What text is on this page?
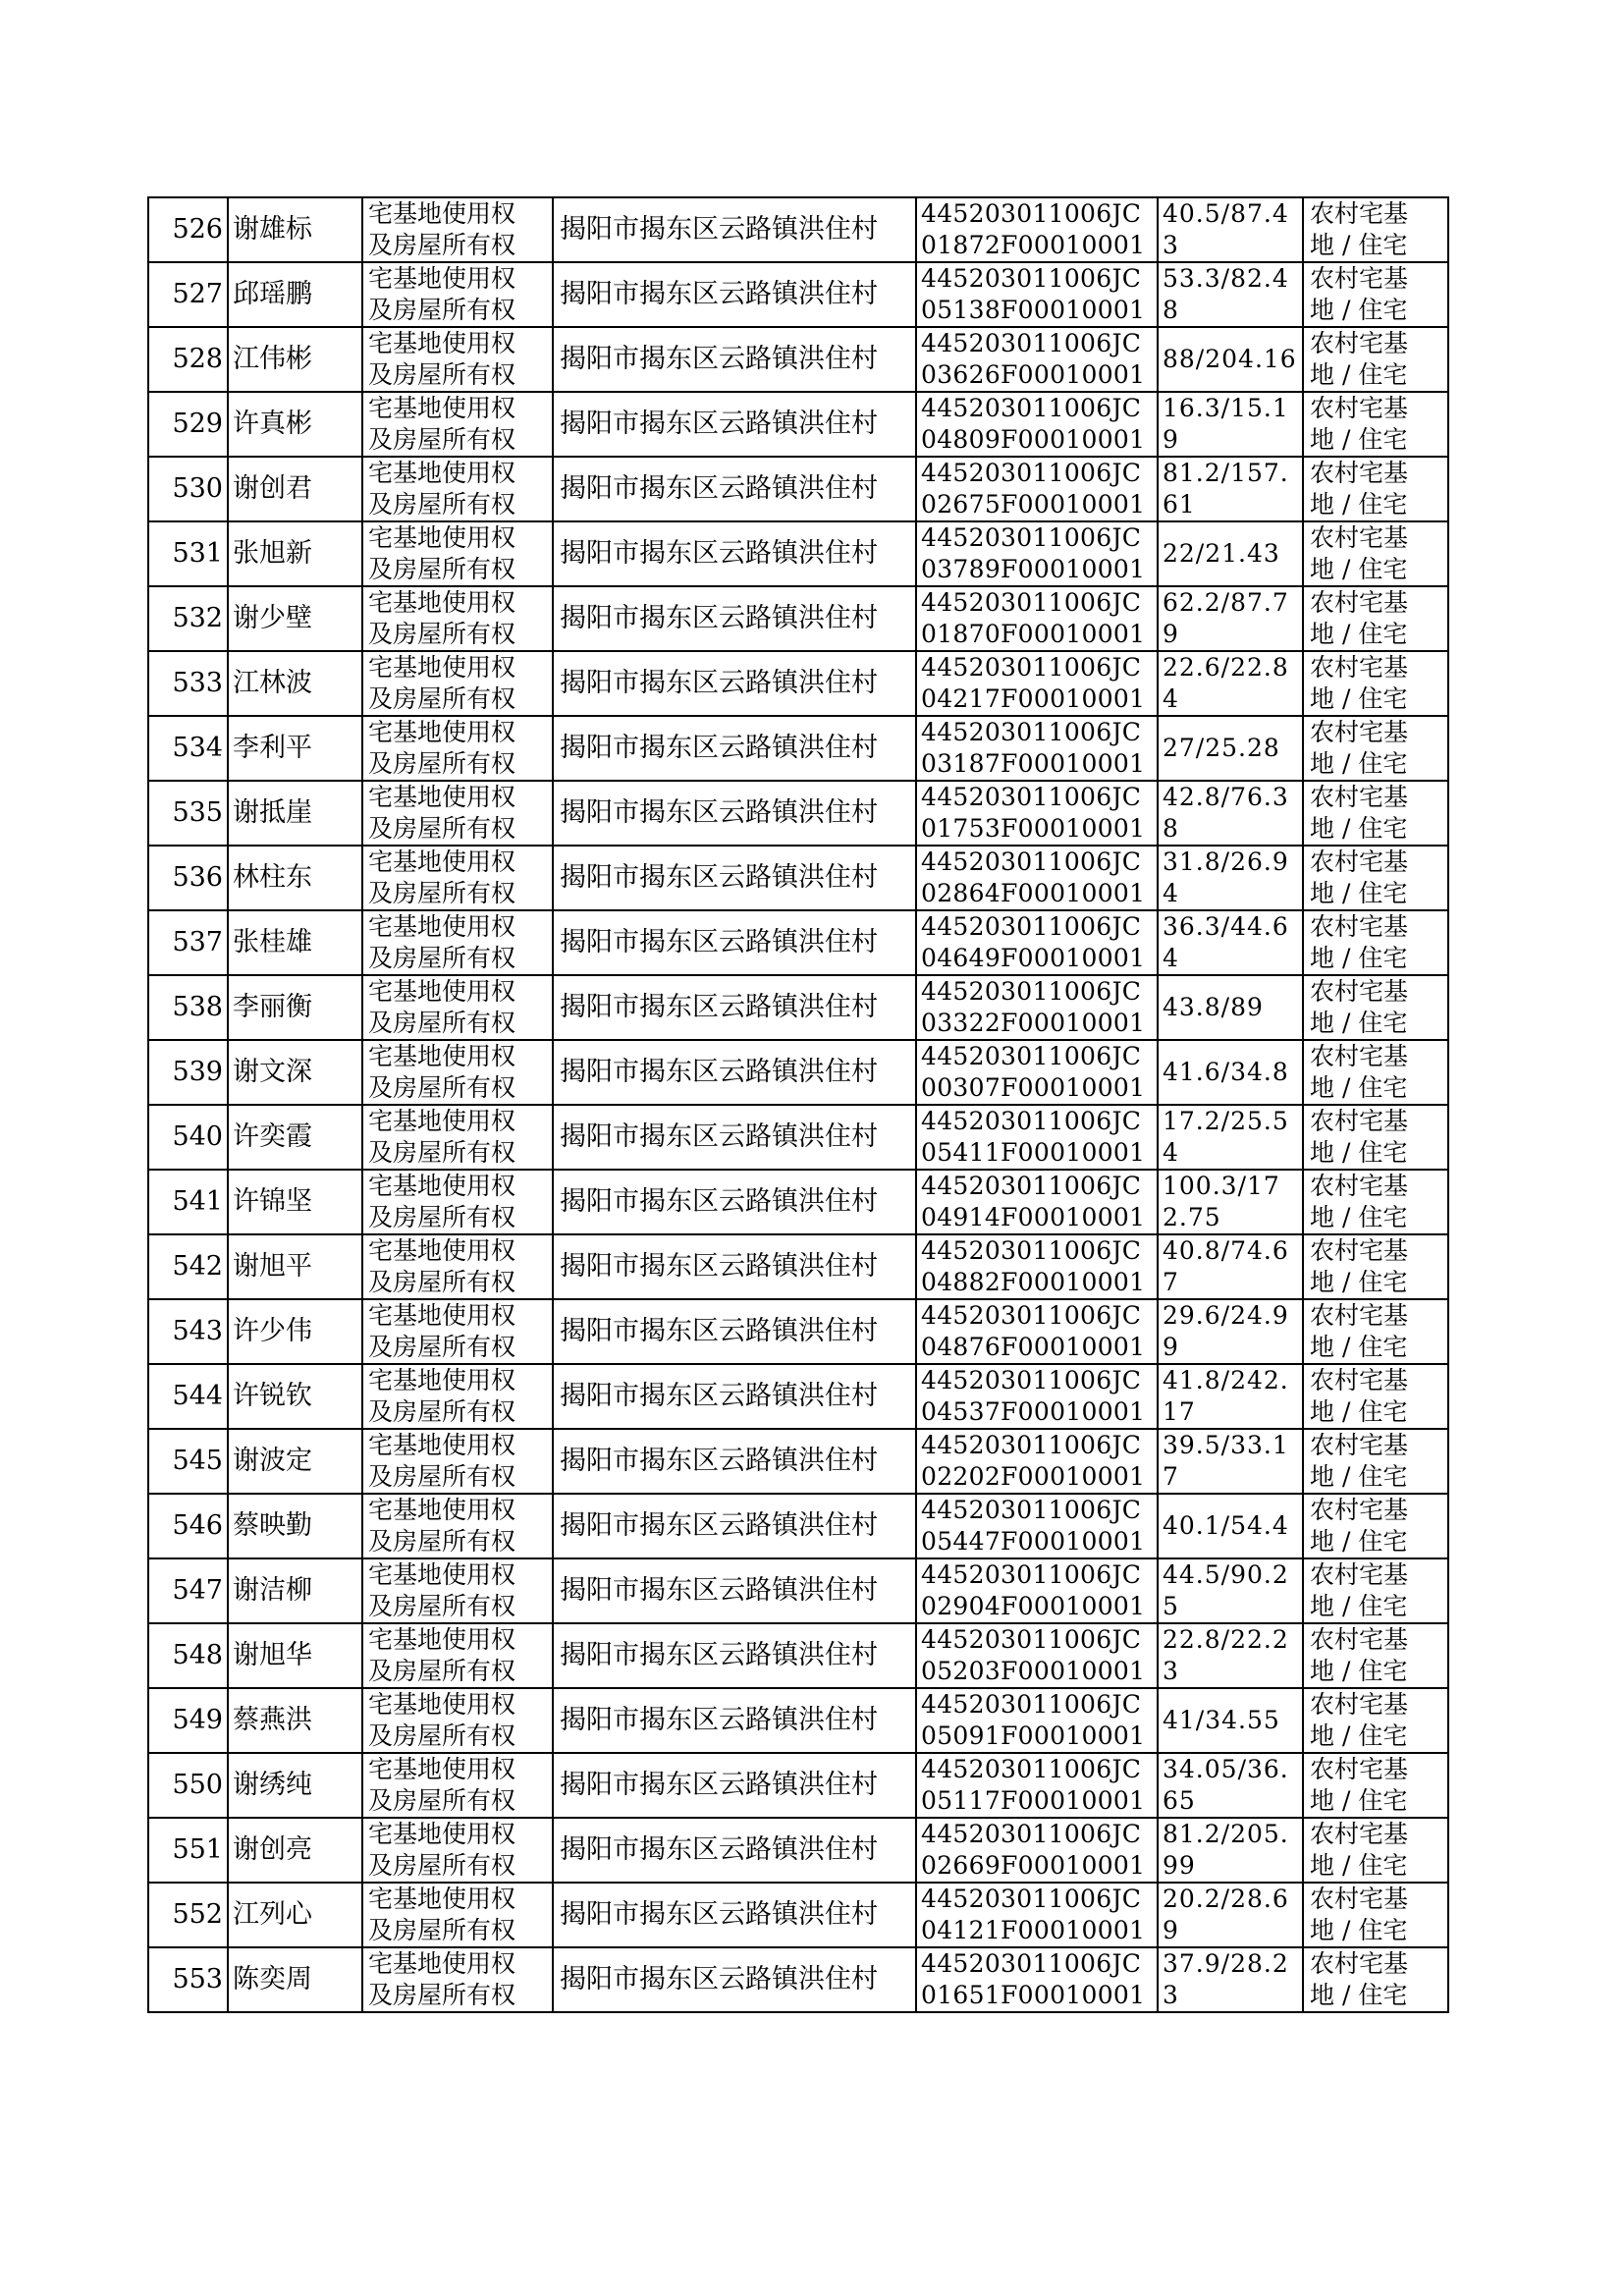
526	谢雄标	宅基地使用权
及房屋所有权	揭阳市揭东区云路镇洪住村	445203011006JC01872F00010001	40.5/87.43	农村宅基
地 / 住宅

527	邱瑶鹏	宅基地使用权
及房屋所有权	揭阳市揭东区云路镇洪住村	445203011006JC05138F00010001	53.3/82.48	农村宅基
地 / 住宅

528	江伟彬	宅基地使用权
及房屋所有权	揭阳市揭东区云路镇洪住村	445203011006JC03626F00010001	88/204.16	农村宅基
地 / 住宅

529	许真彬	宅基地使用权
及房屋所有权	揭阳市揭东区云路镇洪住村	445203011006JC04809F00010001	16.3/15.19	农村宅基
地 / 住宅

530	谢创君	宅基地使用权
及房屋所有权	揭阳市揭东区云路镇洪住村	445203011006JC02675F00010001	81.2/157.61	农村宅基
地 / 住宅

531	张旭新	宅基地使用权
及房屋所有权	揭阳市揭东区云路镇洪住村	445203011006JC03789F00010001	22/21.43	农村宅基
地 / 住宅

532	谢少壁	宅基地使用权
及房屋所有权	揭阳市揭东区云路镇洪住村	445203011006JC01870F00010001	62.2/87.79	农村宅基
地 / 住宅

533	江林波	宅基地使用权
及房屋所有权	揭阳市揭东区云路镇洪住村	445203011006JC04217F00010001	22.6/22.84	农村宅基
地 / 住宅

534	李利平	宅基地使用权
及房屋所有权	揭阳市揭东区云路镇洪住村	445203011006JC03187F00010001	27/25.28	农村宅基
地 / 住宅

535	谢抵崖	宅基地使用权
及房屋所有权	揭阳市揭东区云路镇洪住村	445203011006JC01753F00010001	42.8/76.38	农村宅基
地 / 住宅

536	林柱东	宅基地使用权
及房屋所有权	揭阳市揭东区云路镇洪住村	445203011006JC02864F00010001	31.8/26.94	农村宅基
地 / 住宅

537	张桂雄	宅基地使用权
及房屋所有权	揭阳市揭东区云路镇洪住村	445203011006JC04649F00010001	36.3/44.64	农村宅基
地 / 住宅

538	李丽衡	宅基地使用权
及房屋所有权	揭阳市揭东区云路镇洪住村	445203011006JC03322F00010001	43.8/89	农村宅基
地 / 住宅

539	谢文深	宅基地使用权
及房屋所有权	揭阳市揭东区云路镇洪住村	445203011006JC00307F00010001	41.6/34.8	农村宅基
地 / 住宅

540	许奕霞	宅基地使用权
及房屋所有权	揭阳市揭东区云路镇洪住村	445203011006JC05411F00010001	17.2/25.54	农村宅基
地 / 住宅

541	许锦坚	宅基地使用权
及房屋所有权	揭阳市揭东区云路镇洪住村	445203011006JC04914F00010001	100.3/172.75	农村宅基
地 / 住宅

542	谢旭平	宅基地使用权
及房屋所有权	揭阳市揭东区云路镇洪住村	445203011006JC04882F00010001	40.8/74.67	农村宅基
地 / 住宅

543	许少伟	宅基地使用权
及房屋所有权	揭阳市揭东区云路镇洪住村	445203011006JC04876F00010001	29.6/24.99	农村宅基
地 / 住宅

544	许锐钦	宅基地使用权
及房屋所有权	揭阳市揭东区云路镇洪住村	445203011006JC04537F00010001	41.8/242.17	农村宅基
地 / 住宅

545	谢波定	宅基地使用权
及房屋所有权	揭阳市揭东区云路镇洪住村	445203011006JC02202F00010001	39.5/33.17	农村宅基
地 / 住宅

546	蔡映勤	宅基地使用权
及房屋所有权	揭阳市揭东区云路镇洪住村	445203011006JC05447F00010001	40.1/54.4	农村宅基
地 / 住宅

547	谢洁柳	宅基地使用权
及房屋所有权	揭阳市揭东区云路镇洪住村	445203011006JC02904F00010001	44.5/90.25	农村宅基
地 / 住宅

548	谢旭华	宅基地使用权
及房屋所有权	揭阳市揭东区云路镇洪住村	445203011006JC05203F00010001	22.8/22.23	农村宅基
地 / 住宅

549	蔡燕洪	宅基地使用权
及房屋所有权	揭阳市揭东区云路镇洪住村	445203011006JC05091F00010001	41/34.55	农村宅基
地 / 住宅

550	谢绣纯	宅基地使用权
及房屋所有权	揭阳市揭东区云路镇洪住村	445203011006JC05117F00010001	34.05/36.65	农村宅基
地 / 住宅

551	谢创亮	宅基地使用权
及房屋所有权	揭阳市揭东区云路镇洪住村	445203011006JC02669F00010001	81.2/205.99	农村宅基
地 / 住宅

552	江列心	宅基地使用权
及房屋所有权	揭阳市揭东区云路镇洪住村	445203011006JC04121F00010001	20.2/28.69	农村宅基
地 / 住宅

553	陈奕周	宅基地使用权
及房屋所有权	揭阳市揭东区云路镇洪住村	445203011006JC01651F00010001	37.9/28.23	农村宅基
地 / 住宅
